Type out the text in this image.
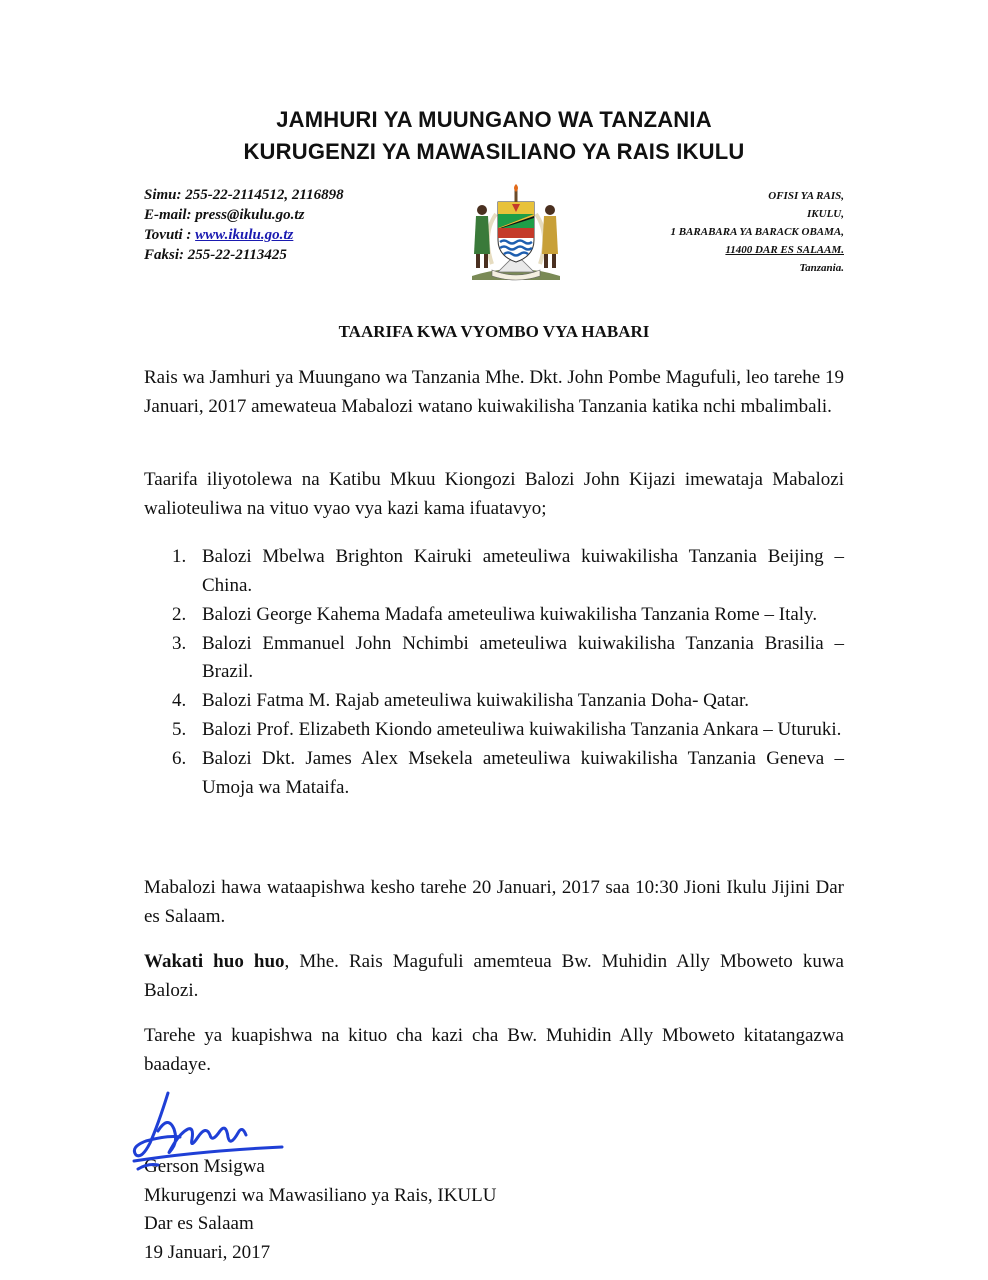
JAMHURI YA MUUNGANO WA TANZANIA
KURUGENZI YA MAWASILIANO YA RAIS IKULU
Simu: 255-22-2114512, 2116898
E-mail: press@ikulu.go.tz
Tovuti : www.ikulu.go.tz
Faksi: 255-22-2113425
OFISI YA RAIS,
IKULU,
1 BARABARA YA BARACK OBAMA,
11400 DAR ES SALAAM.
Tanzania.
TAARIFA KWA VYOMBO VYA HABARI
Rais wa Jamhuri ya Muungano wa Tanzania Mhe. Dkt. John Pombe Magufuli, leo tarehe 19 Januari, 2017 amewateua Mabalozi watano kuiwakilisha Tanzania katika nchi mbalimbali.
Taarifa iliyotolewa na Katibu Mkuu Kiongozi Balozi John Kijazi imewataja Mabalozi walioteuliwa na vituo vyao vya kazi kama ifuatavyo;
1. Balozi Mbelwa Brighton Kairuki ameteuliwa kuiwakilisha Tanzania Beijing – China.
2. Balozi George Kahema Madafa ameteuliwa kuiwakilisha Tanzania Rome – Italy.
3. Balozi Emmanuel John Nchimbi ameteuliwa kuiwakilisha Tanzania Brasilia – Brazil.
4. Balozi Fatma M. Rajab ameteuliwa kuiwakilisha Tanzania Doha- Qatar.
5. Balozi Prof. Elizabeth Kiondo ameteuliwa kuiwakilisha Tanzania Ankara – Uturuki.
6. Balozi Dkt. James Alex Msekela ameteuliwa kuiwakilisha Tanzania Geneva – Umoja wa Mataifa.
Mabalozi hawa wataapishwa kesho tarehe 20 Januari, 2017 saa 10:30 Jioni Ikulu Jijini Dar es Salaam.
Wakati huo huo, Mhe. Rais Magufuli amemteua Bw. Muhidin Ally Mboweto kuwa Balozi.
Tarehe ya kuapishwa na kituo cha kazi cha Bw. Muhidin Ally Mboweto kitatangazwa baadaye.
Gerson Msigwa
Mkurugenzi wa Mawasiliano ya Rais, IKULU
Dar es Salaam
19 Januari, 2017
